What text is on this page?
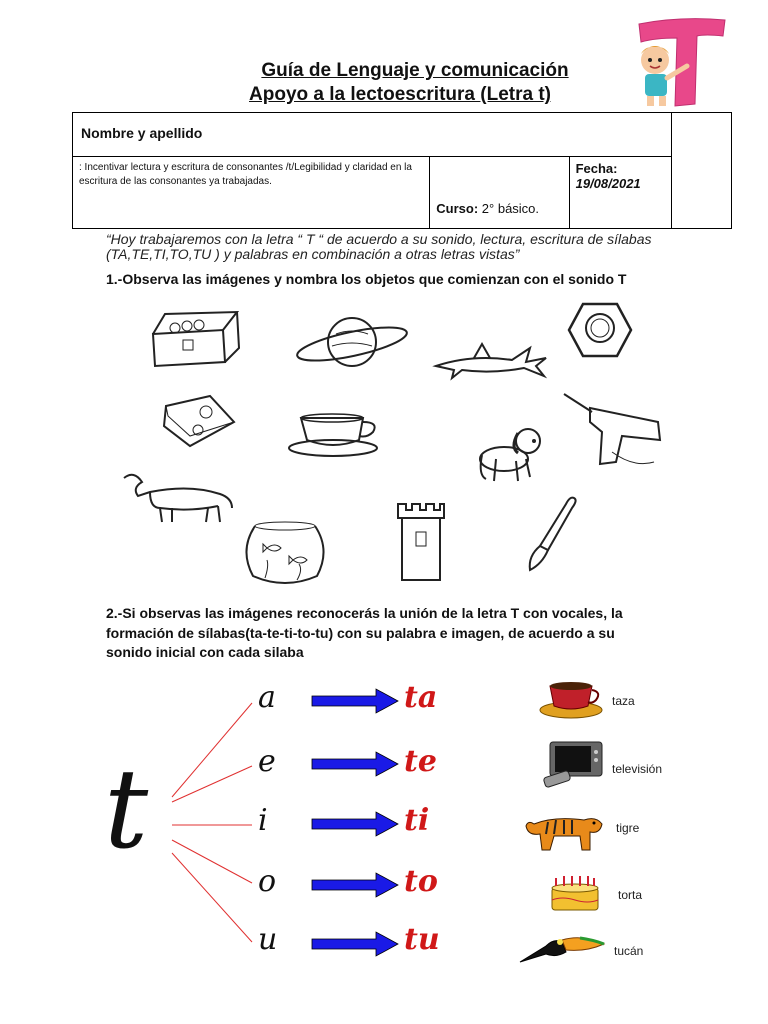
Guía de Lenguaje y comunicación
Apoyo a la lectoescritura (Letra t)
Nombre y apellido			
: Incentivar lectura y escritura de consonantes /t/Legibilidad y claridad en la escritura de las consonantes ya trabajadas.	Curso: 2° básico.	Fecha:
19/08/2021	
“Hoy trabajaremos con la letra “ T “ de acuerdo a su sonido, lectura, escritura de sílabas
(TA,TE,TI,TO,TU ) y palabras en combinación a otras letras vistas”
1.-Observa las imágenes y nombra los objetos que comienzan con el sonido T
2.-Si observas las imágenes reconocerás la unión de la letra T con vocales, la
formación de sílabas(ta-te-ti-to-tu) con su palabra e imagen, de acuerdo a su
sonido inicial con cada silaba
t
a
e
i
o
u
ta
te
ti
to
tu
taza
televisión
tigre
torta
tucán
